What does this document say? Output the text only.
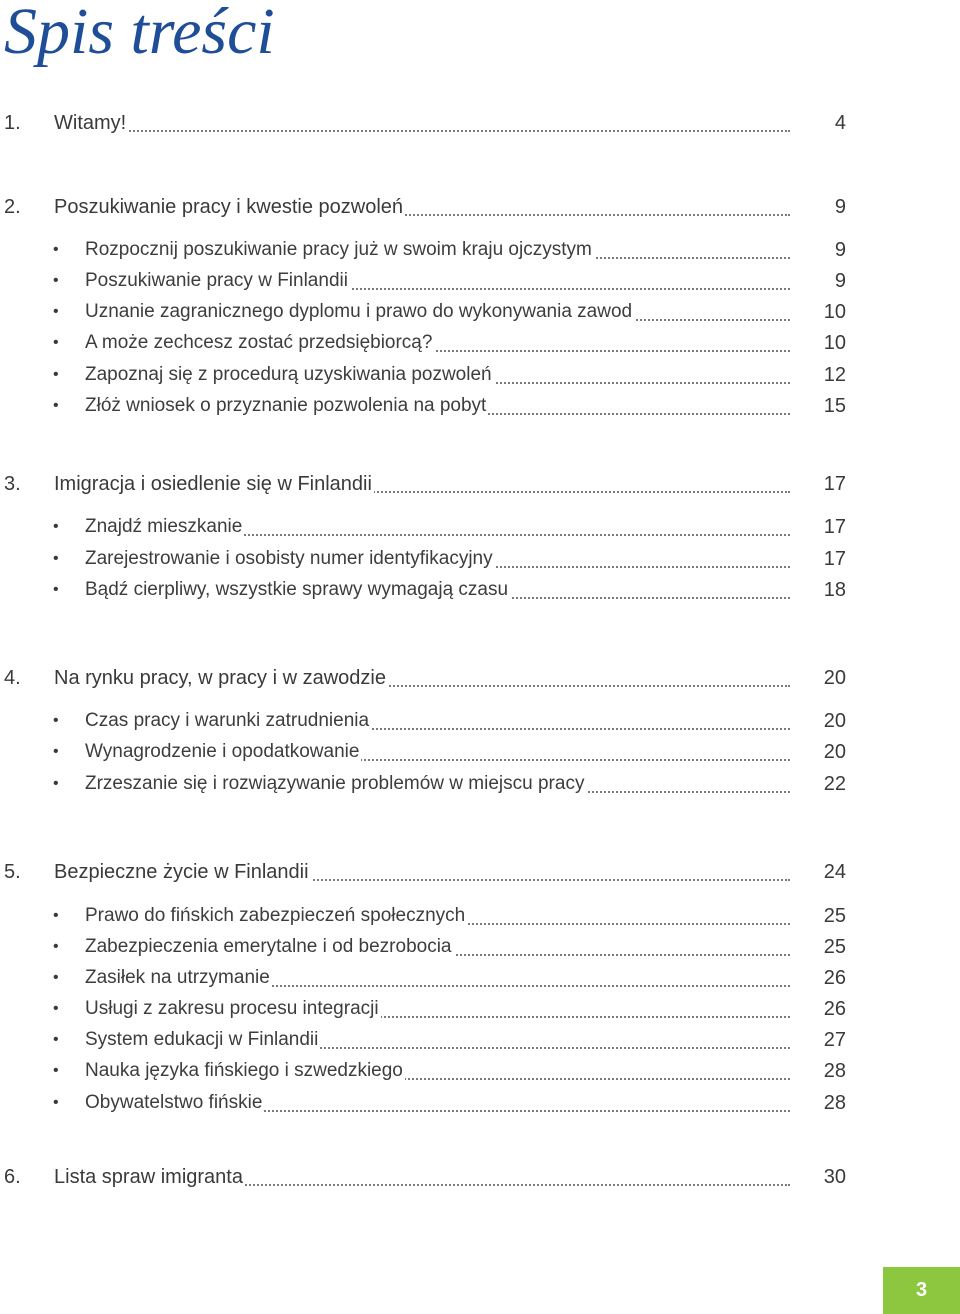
Spis treści
1. Witamy!	4
2. Poszukiwanie pracy i kwestie pozwoleń	9
• Rozpocznij poszukiwanie pracy już w swoim kraju ojczystym	9
• Poszukiwanie pracy w Finlandii	9
• Uznanie zagranicznego dyplomu i prawo do wykonywania zawod	10
• A może zechcesz zostać przedsiębiorcą?	10
• Zapoznaj się z procedurą uzyskiwania pozwoleń	12
• Złóż wniosek o przyznanie pozwolenia na pobyt	15
3. Imigracja i osiedlenie się w Finlandii	17
• Znajdź mieszkanie	17
• Zarejestrowanie i osobisty numer identyfikacyjny	17
• Bądź cierpliwy, wszystkie sprawy wymagają czasu	18
4. Na rynku pracy, w pracy i w zawodzie	20
• Czas pracy i warunki zatrudnienia	20
• Wynagrodzenie i opodatkowanie	20
• Zrzeszanie się i rozwiązywanie problemów w miejscu pracy	22
5. Bezpieczne życie w Finlandii	24
• Prawo do fińskich zabezpieczeń społecznych	25
• Zabezpieczenia emerytalne i od bezrobocia	25
• Zasiłek na utrzymanie	26
• Usługi z zakresu procesu integracji	26
• System edukacji w Finlandii	27
• Nauka języka fińskiego i szwedzkiego	28
• Obywatelstwo fińskie	28
6. Lista spraw imigranta	30
3
